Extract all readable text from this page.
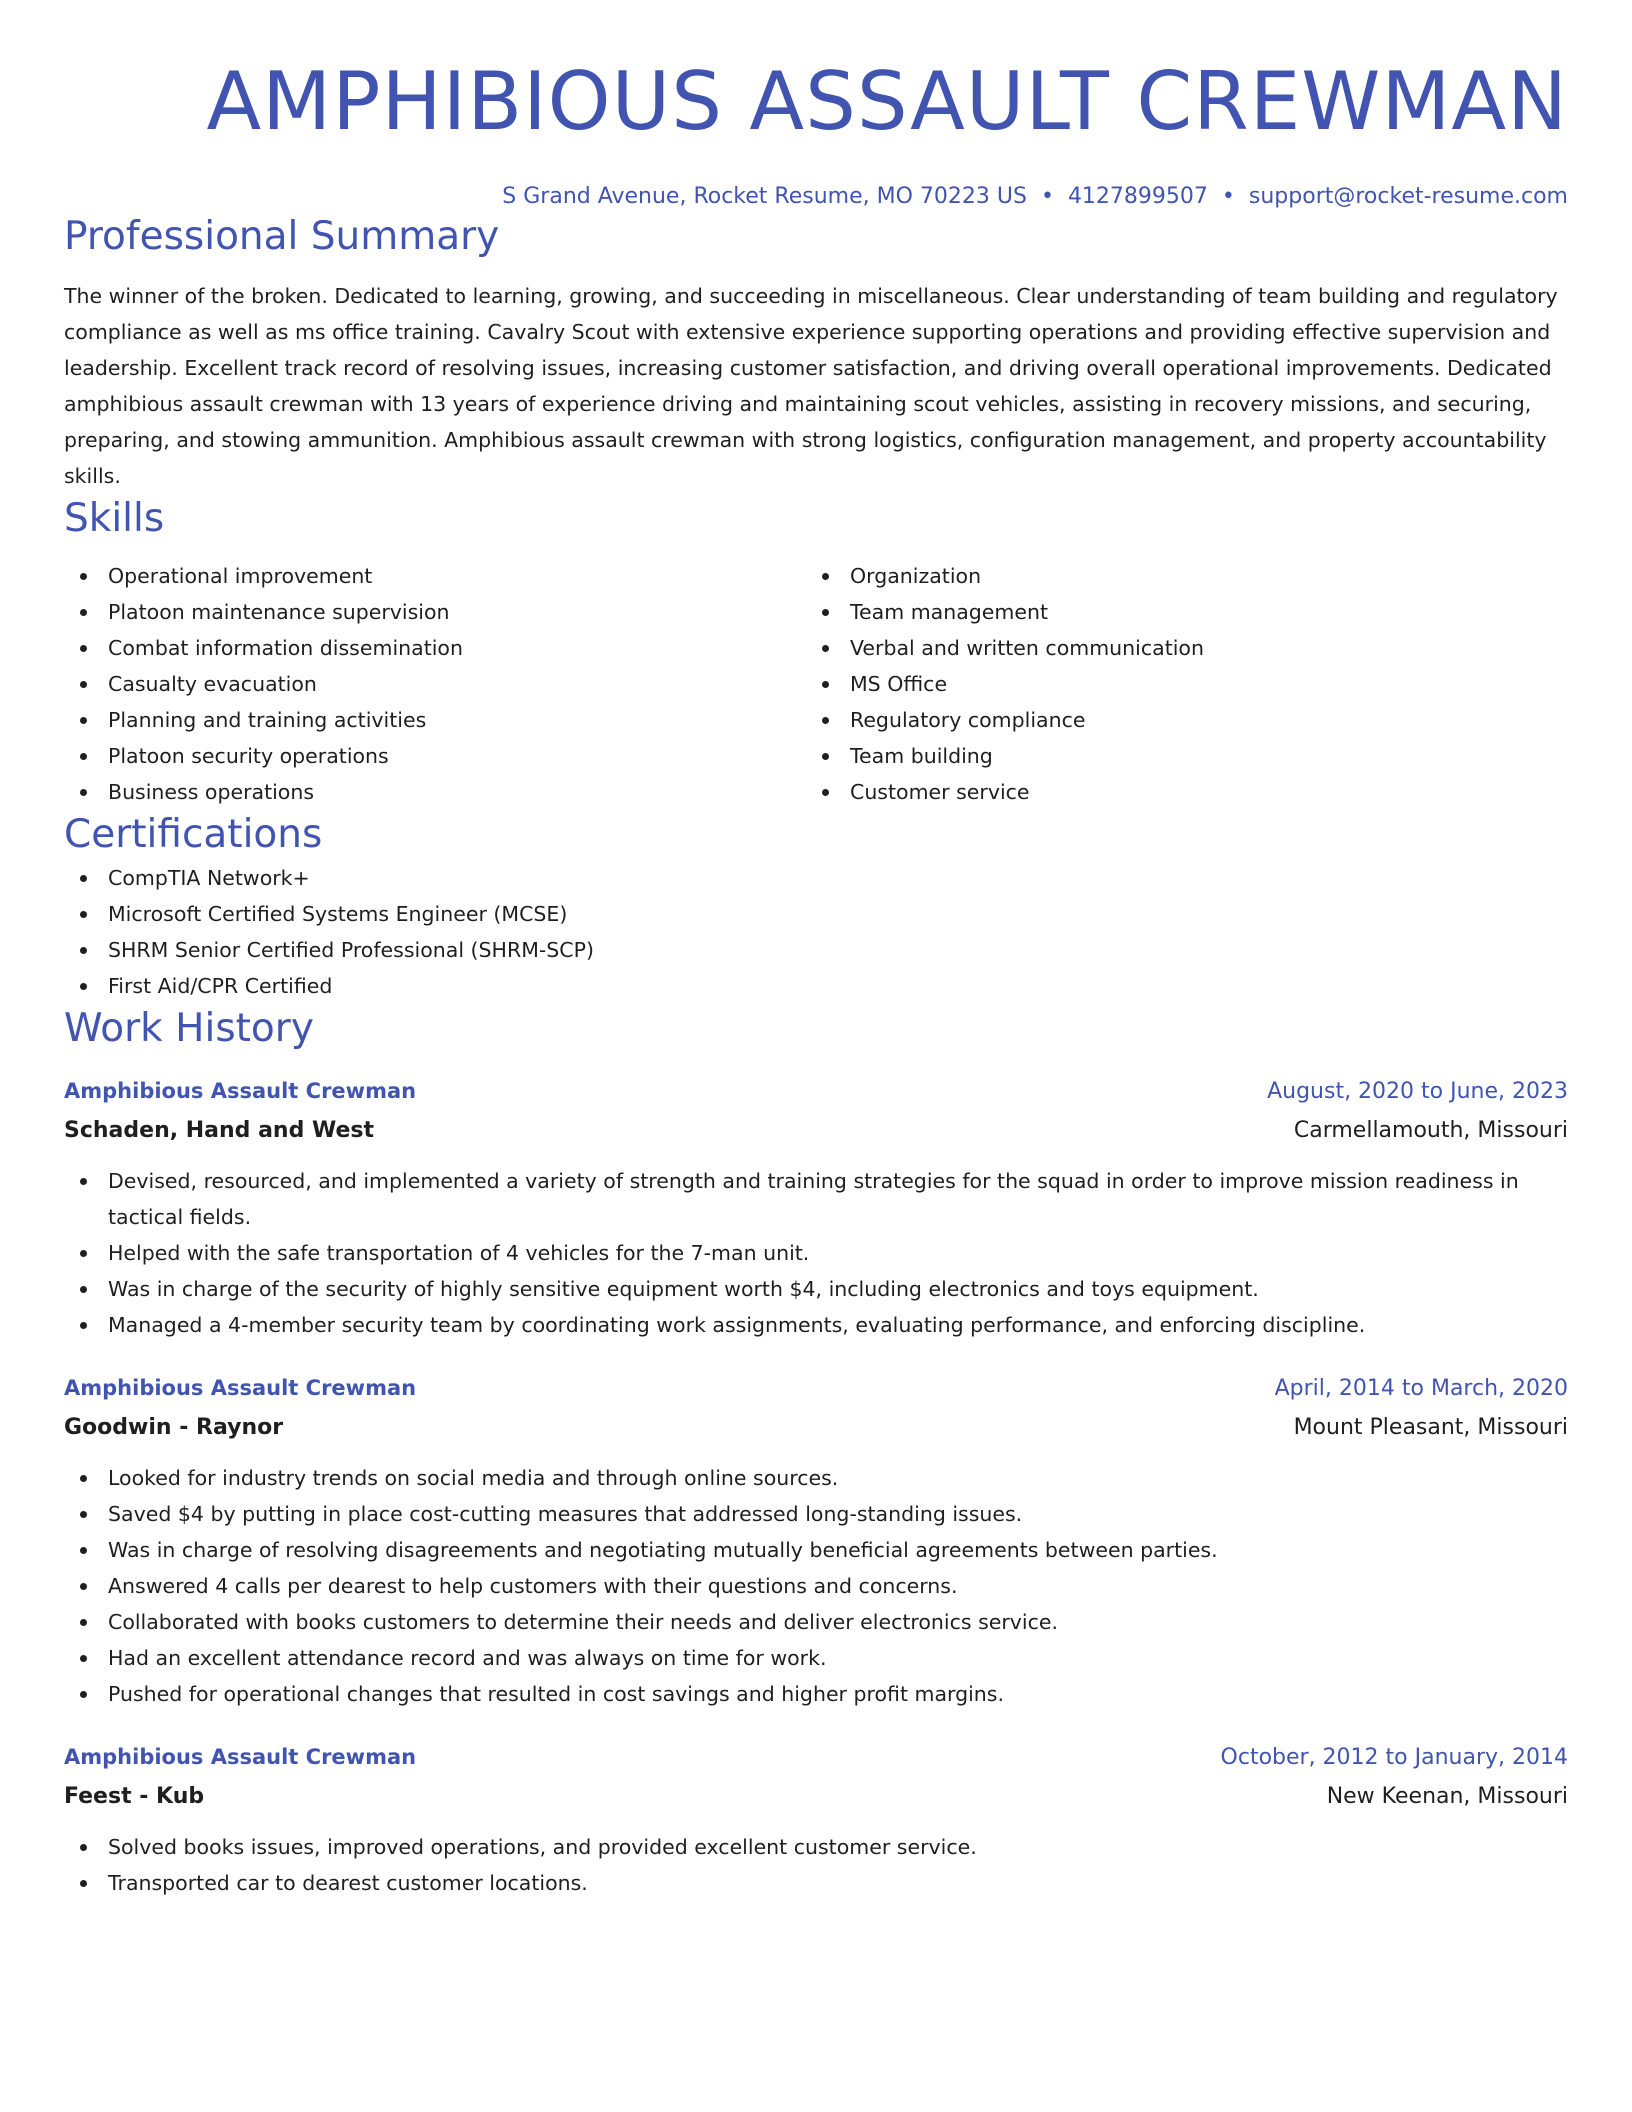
AMPHIBIOUS ASSAULT CREWMAN
S Grand Avenue, Rocket Resume, MO 70223 US • 4127899507 • support@rocket-resume.com
Professional Summary

The winner of the broken. Dedicated to learning, growing, and succeeding in miscellaneous. Clear understanding of team building and regulatory compliance as well as ms office training. Cavalry Scout with extensive experience supporting operations and providing effective supervision and leadership. Excellent track record of resolving issues, increasing customer satisfaction, and driving overall operational improvements. Dedicated amphibious assault crewman with 13 years of experience driving and maintaining scout vehicles, assisting in recovery missions, and securing, preparing, and stowing ammunition. Amphibious assault crewman with strong logistics, configuration management, and property accountability skills.

Skills
Operational improvement
Platoon maintenance supervision
Combat information dissemination
Casualty evacuation
Planning and training activities
Platoon security operations
Business operations
Organization
Team management
Verbal and written communication
MS Office
Regulatory compliance
Team building
Customer service
Certifications
CompTIA Network+
Microsoft Certified Systems Engineer (MCSE)
SHRM Senior Certified Professional (SHRM-SCP)
First Aid/CPR Certified
Work History
Amphibious Assault Crewman	August, 2020 to June, 2023
Schaden, Hand and West	Carmellamouth, Missouri
Devised, resourced, and implemented a variety of strength and training strategies for the squad in order to improve mission readiness in tactical fields.
Helped with the safe transportation of 4 vehicles for the 7-man unit.
Was in charge of the security of highly sensitive equipment worth $4, including electronics and toys equipment.
Managed a 4-member security team by coordinating work assignments, evaluating performance, and enforcing discipline.
Amphibious Assault Crewman	April, 2014 to March, 2020
Goodwin - Raynor	Mount Pleasant, Missouri
Looked for industry trends on social media and through online sources.
Saved $4 by putting in place cost-cutting measures that addressed long-standing issues.
Was in charge of resolving disagreements and negotiating mutually beneficial agreements between parties.
Answered 4 calls per dearest to help customers with their questions and concerns.
Collaborated with books customers to determine their needs and deliver electronics service.
Had an excellent attendance record and was always on time for work.
Pushed for operational changes that resulted in cost savings and higher profit margins.
Amphibious Assault Crewman	October, 2012 to January, 2014
Feest - Kub	New Keenan, Missouri
Solved books issues, improved operations, and provided excellent customer service.
Transported car to dearest customer locations.
